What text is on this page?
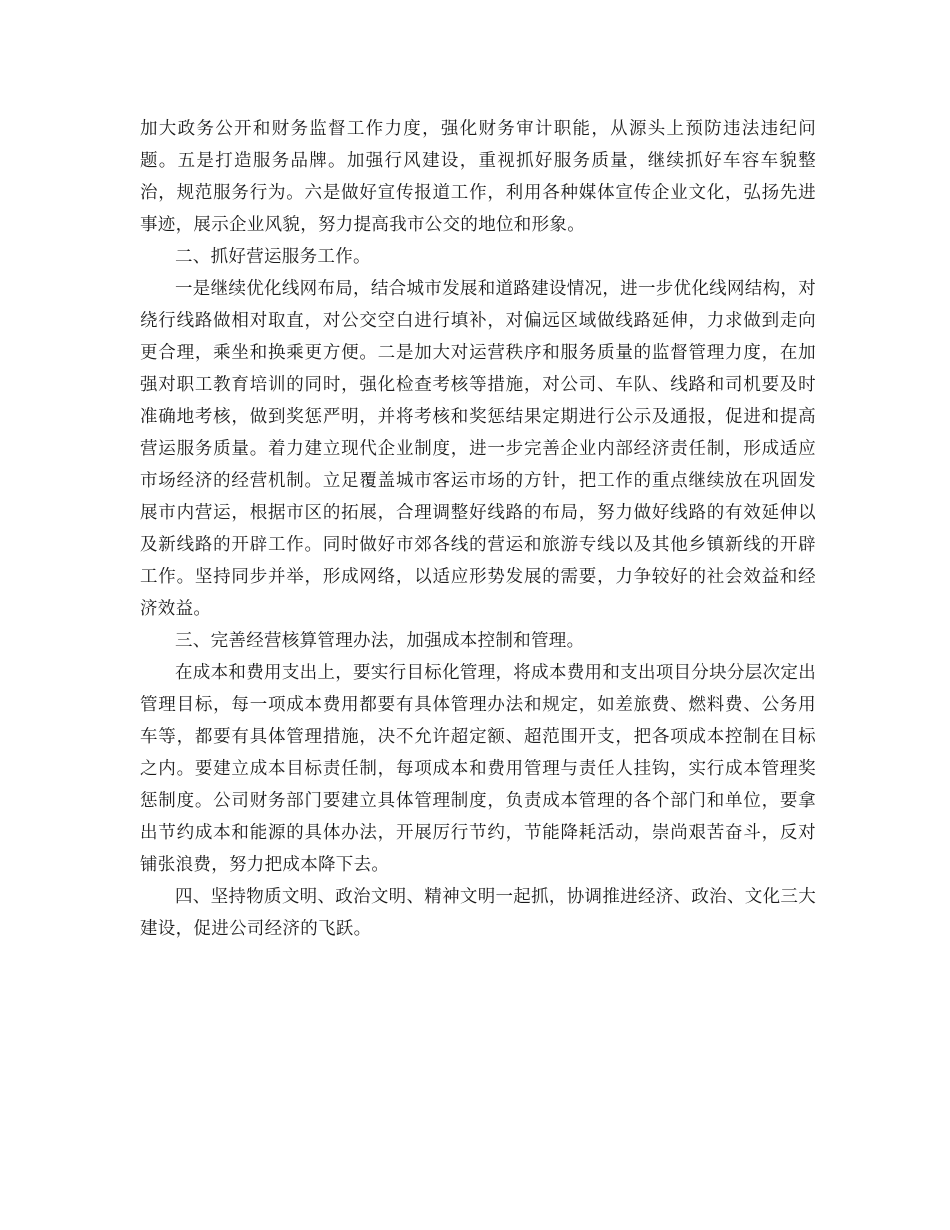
加大政务公开和财务监督工作力度，强化财务审计职能，从源头上预防违法违纪问题。五是打造服务品牌。加强行风建设，重视抓好服务质量，继续抓好车容车貌整治，规范服务行为。六是做好宣传报道工作，利用各种媒体宣传企业文化，弘扬先进事迹，展示企业风貌，努力提高我市公交的地位和形象。

二、抓好营运服务工作。

一是继续优化线网布局，结合城市发展和道路建设情况，进一步优化线网结构，对绕行线路做相对取直，对公交空白进行填补，对偏远区域做线路延伸，力求做到走向更合理，乘坐和换乘更方便。二是加大对运营秩序和服务质量的监督管理力度，在加强对职工教育培训的同时，强化检查考核等措施，对公司、车队、线路和司机要及时准确地考核，做到奖惩严明，并将考核和奖惩结果定期进行公示及通报，促进和提高营运服务质量。着力建立现代企业制度，进一步完善企业内部经济责任制，形成适应市场经济的经营机制。立足覆盖城市客运市场的方针，把工作的重点继续放在巩固发展市内营运，根据市区的拓展，合理调整好线路的布局，努力做好线路的有效延伸以及新线路的开辟工作。同时做好市郊各线的营运和旅游专线以及其他乡镇新线的开辟工作。坚持同步并举，形成网络，以适应形势发展的需要，力争较好的社会效益和经济效益。

三、完善经营核算管理办法，加强成本控制和管理。

在成本和费用支出上，要实行目标化管理，将成本费用和支出项目分块分层次定出管理目标，每一项成本费用都要有具体管理办法和规定，如差旅费、燃料费、公务用车等，都要有具体管理措施，决不允许超定额、超范围开支，把各项成本控制在目标之内。要建立成本目标责任制，每项成本和费用管理与责任人挂钩，实行成本管理奖惩制度。公司财务部门要建立具体管理制度，负责成本管理的各个部门和单位，要拿出节约成本和能源的具体办法，开展厉行节约，节能降耗活动，崇尚艰苦奋斗，反对铺张浪费，努力把成本降下去。

四、坚持物质文明、政治文明、精神文明一起抓，协调推进经济、政治、文化三大建设，促进公司经济的飞跃。
